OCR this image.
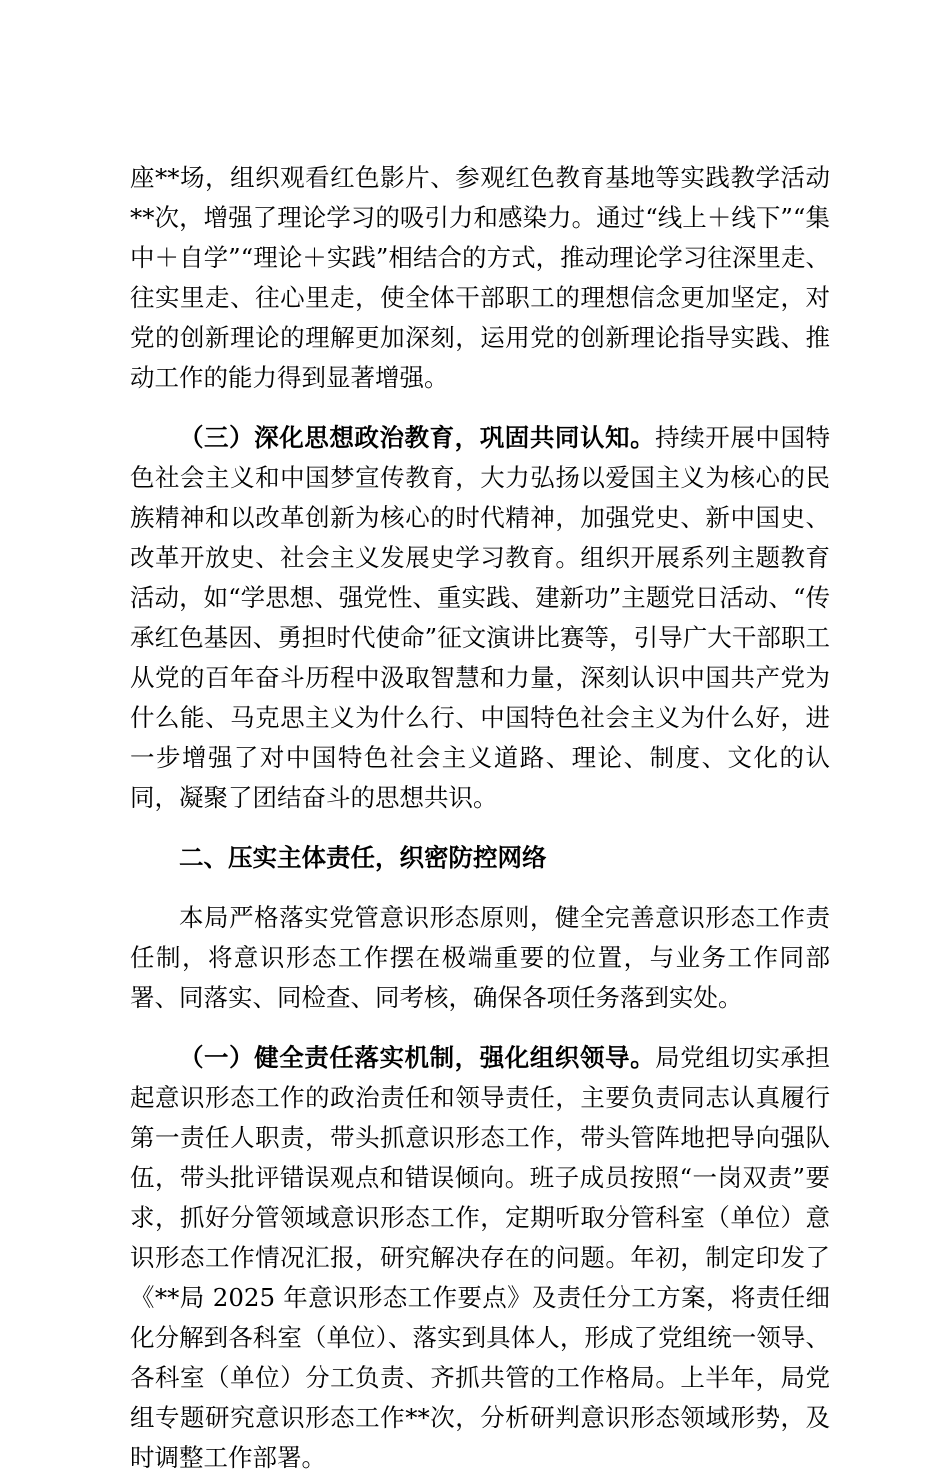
座**场，组织观看红色影片、参观红色教育基地等实践教学活动**次，增强了理论学习的吸引力和感染力。通过“线上＋线下”“集中＋自学”“理论＋实践”相结合的方式，推动理论学习往深里走、往实里走、往心里走，使全体干部职工的理想信念更加坚定，对党的创新理论的理解更加深刻，运用党的创新理论指导实践、推动工作的能力得到显著增强。

（三）深化思想政治教育，巩固共同认知。持续开展中国特色社会主义和中国梦宣传教育，大力弘扬以爱国主义为核心的民族精神和以改革创新为核心的时代精神，加强党史、新中国史、改革开放史、社会主义发展史学习教育。组织开展系列主题教育活动，如“学思想、强党性、重实践、建新功”主题党日活动、“传承红色基因、勇担时代使命”征文演讲比赛等，引导广大干部职工从党的百年奋斗历程中汲取智慧和力量，深刻认识中国共产党为什么能、马克思主义为什么行、中国特色社会主义为什么好，进一步增强了对中国特色社会主义道路、理论、制度、文化的认同，凝聚了团结奋斗的思想共识。

二、压实主体责任，织密防控网络

本局严格落实党管意识形态原则，健全完善意识形态工作责任制，将意识形态工作摆在极端重要的位置，与业务工作同部署、同落实、同检查、同考核，确保各项任务落到实处。

（一）健全责任落实机制，强化组织领导。局党组切实承担起意识形态工作的政治责任和领导责任，主要负责同志认真履行第一责任人职责，带头抓意识形态工作，带头管阵地把导向强队伍，带头批评错误观点和错误倾向。班子成员按照“一岗双责”要求，抓好分管领域意识形态工作，定期听取分管科室（单位）意识形态工作情况汇报，研究解决存在的问题。年初，制定印发了《**局 2025 年意识形态工作要点》及责任分工方案，将责任细化分解到各科室（单位）、落实到具体人，形成了党组统一领导、各科室（单位）分工负责、齐抓共管的工作格局。上半年，局党组专题研究意识形态工作**次，分析研判意识形态领域形势，及时调整工作部署。
